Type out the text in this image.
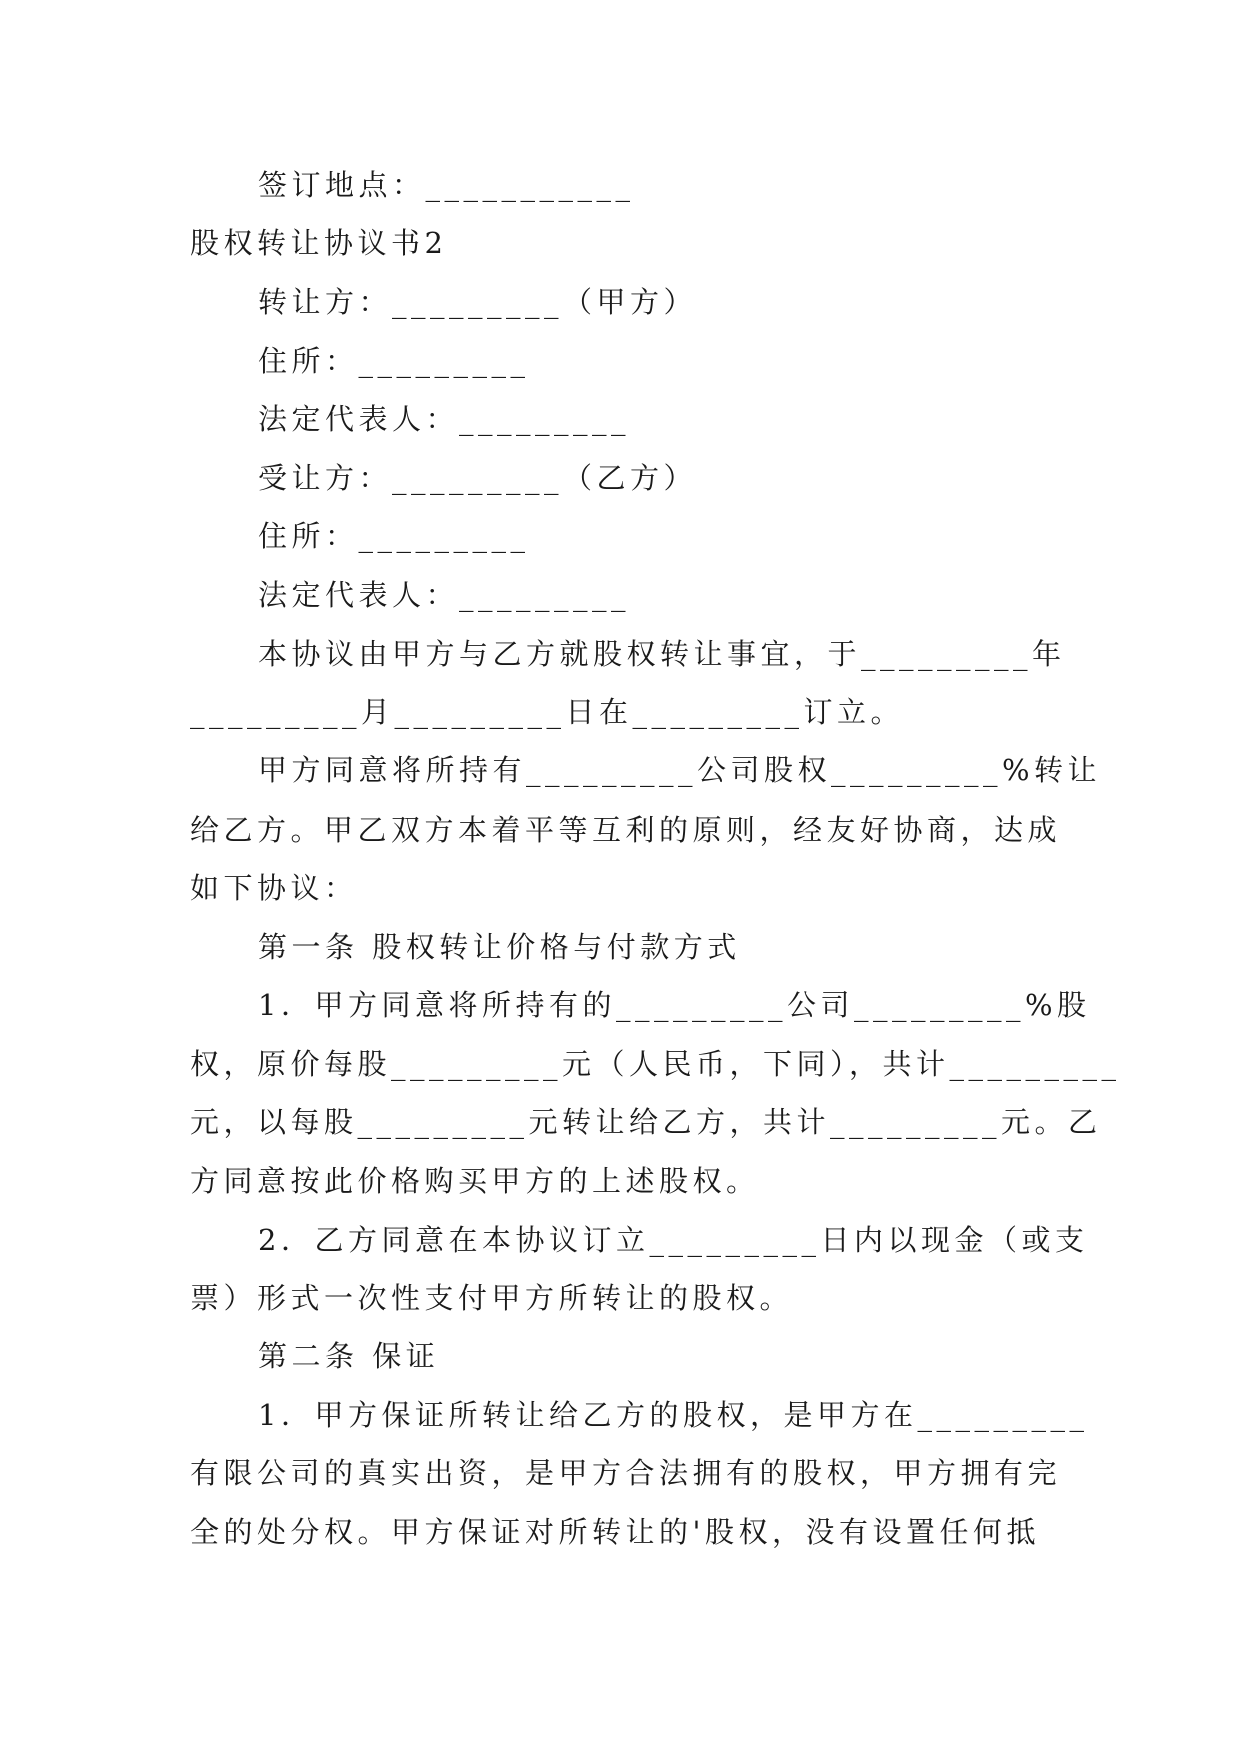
签订地点：___________
股权转让协议书2
转让方：_________（甲方）
住所：_________
法定代表人：_________
受让方：_________（乙方）
住所：_________
法定代表人：_________
本协议由甲方与乙方就股权转让事宜，于_________年
_________月_________日在_________订立。
甲方同意将所持有_________公司股权_________%转让
给乙方。甲乙双方本着平等互利的原则，经友好协商，达成
如下协议：
第一条 股权转让价格与付款方式
1．甲方同意将所持有的_________公司_________%股
权，原价每股_________元（人民币，下同），共计_________
元，以每股_________元转让给乙方，共计_________元。乙
方同意按此价格购买甲方的上述股权。
2．乙方同意在本协议订立_________日内以现金（或支
票）形式一次性支付甲方所转让的股权。
第二条 保证
1．甲方保证所转让给乙方的股权，是甲方在_________
有限公司的真实出资，是甲方合法拥有的股权，甲方拥有完
全的处分权。甲方保证对所转让的'股权，没有设置任何抵
